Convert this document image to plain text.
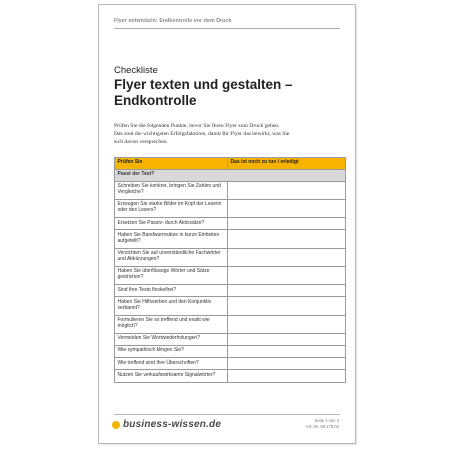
Flyer entwickeln: Endkontrolle vor dem Druck
Checkliste
Flyer texten und gestalten –
Endkontrolle
Prüfen Sie die folgenden Punkte, bevor Sie Ihren Flyer zum Druck geben.
Das sind die wichtigsten Erfolgsfaktoren, damit Ihr Flyer das bewirkt, was Sie
sich davon versprechen.
Prüfen Sie	Das ist noch zu tun / erledigt
Passt der Text?	

Schreiben Sie konkret, bringen Sie Zahlen und
Vergleiche?	

Erzeugen Sie starke Bilder im Kopf der Leserin
oder des Lesers?	

Ersetzen Sie Passiv- durch Aktivsätze?	

Haben Sie Bandwurmsätze in kurze Einheiten
aufgeteilt?	

Verzichten Sie auf unverständliche Fachwörter
und Abkürzungen?	

Haben Sie überflüssige Wörter und Sätze
gestrichen?	

Sind Ihre Texte floskelfrei?	

Haben Sie Hilfsverben und den Konjunktiv
verbannt?	

Formulieren Sie so treffend und exakt wie
möglich?	

Vermeiden Sie Wortwiederholungen?	

Wie sympathisch klingen Sie?	

Wie treffend sind Ihre Überschriften?	

Nutzen Sie verkaufswirksame Signalwörter?	

business-wissen.de	Seite 1 von 4
Art.-Nr. 99.178.02
